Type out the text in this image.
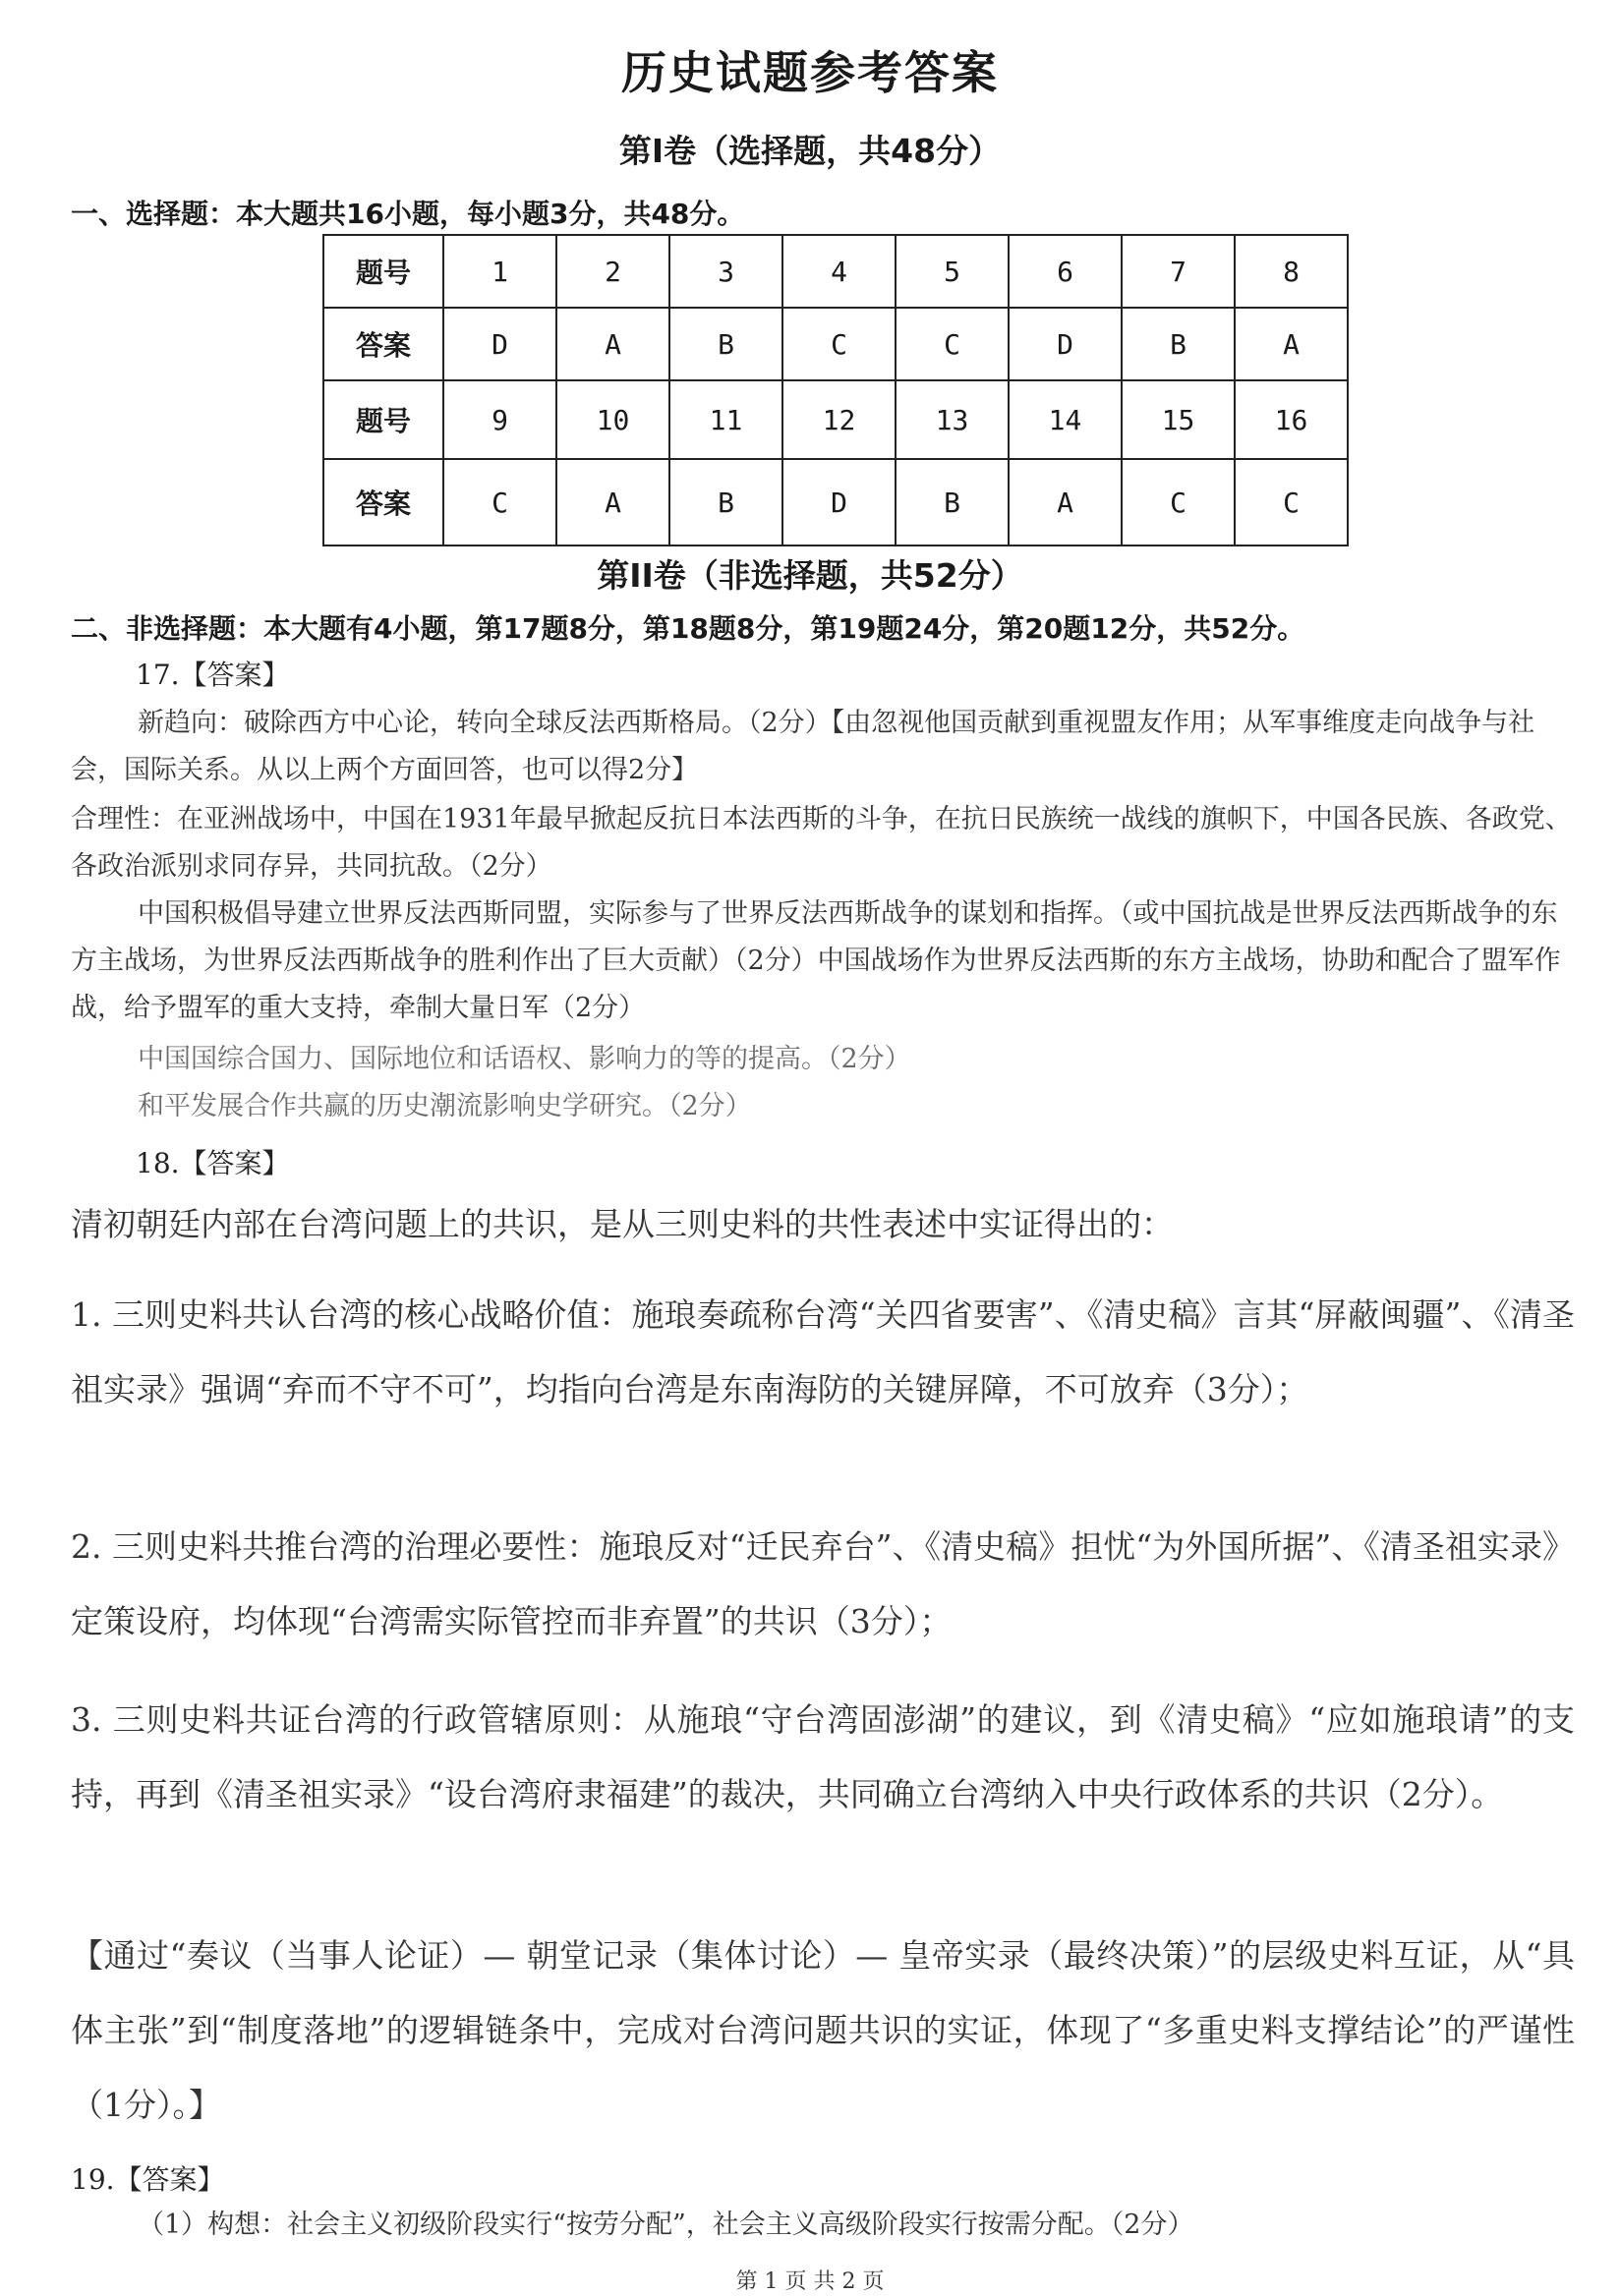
历史试题参考答案
第Ⅰ卷（选择题，共48分）
一、选择题：本大题共16小题，每小题3分，共48分。
题号	1	2	3	4	5	6	7	8
答案	D	A	B	C	C	D	B	A
题号	9	10	11	12	13	14	15	16
答案	C	A	B	D	B	A	C	C
第II卷（非选择题，共52分）
二、非选择题：本大题有4小题，第17题8分，第18题8分，第19题24分，第20题12分，共52分。
17.【答案】
新趋向：破除西方中心论，转向全球反法西斯格局。（2分）【由忽视他国贡献到重视盟友作用；从军事维度走向战争与社会，国际关系。从以上两个方面回答，也可以得2分】
合理性：在亚洲战场中，中国在1931年最早掀起反抗日本法西斯的斗争，在抗日民族统一战线的旗帜下，中国各民族、各政党、各政治派别求同存异，共同抗敌。（2分）
中国积极倡导建立世界反法西斯同盟，实际参与了世界反法西斯战争的谋划和指挥。（或中国抗战是世界反法西斯战争的东方主战场，为世界反法西斯战争的胜利作出了巨大贡献）（2分）中国战场作为世界反法西斯的东方主战场，协助和配合了盟军作战，给予盟军的重大支持，牵制大量日军（2分）
中国国综合国力、国际地位和话语权、影响力的等的提高。（2分）
和平发展合作共赢的历史潮流影响史学研究。（2分）
18.【答案】
清初朝廷内部在台湾问题上的共识，是从三则史料的共性表述中实证得出的：
1. 三则史料共认台湾的核心战略价值：施琅奏疏称台湾“关四省要害”、《清史稿》言其“屏蔽闽疆”、《清圣祖实录》强调“弃而不守不可”，均指向台湾是东南海防的关键屏障，不可放弃（3分）；
2. 三则史料共推台湾的治理必要性：施琅反对“迁民弃台”、《清史稿》担忧“为外国所据”、《清圣祖实录》定策设府，均体现“台湾需实际管控而非弃置”的共识（3分）；
3. 三则史料共证台湾的行政管辖原则：从施琅“守台湾固澎湖”的建议，到《清史稿》“应如施琅请”的支持，再到《清圣祖实录》“设台湾府隶福建”的裁决，共同确立台湾纳入中央行政体系的共识（2分）。
【通过“奏议（当事人论证）— 朝堂记录（集体讨论）— 皇帝实录（最终决策）”的层级史料互证，从“具体主张”到“制度落地”的逻辑链条中，完成对台湾问题共识的实证，体现了“多重史料支撑结论”的严谨性（1分）。】
19.【答案】
（1）构想：社会主义初级阶段实行“按劳分配”，社会主义高级阶段实行按需分配。（2分）
第 1 页 共 2 页
